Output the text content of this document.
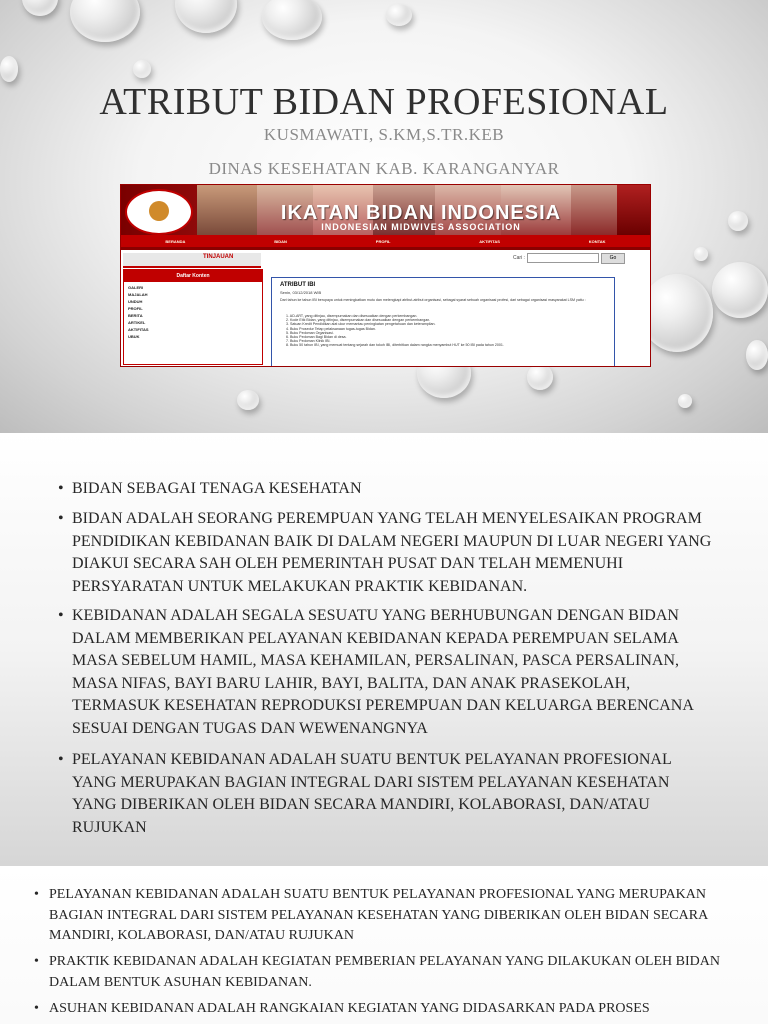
ATRIBUT BIDAN PROFESIONAL
KUSMAWATI, S.KM,S.TR.KEB
DINAS KESEHATAN KAB. KARANGANYAR
IKATAN BIDAN INDONESIA
INDONESIAN MIDWIVES ASSOCIATION
BERANDA	BIDAN	PROFIL	AKTIFITAS	KONTAK
TINJAUAN	Cari :	Go
Daftar Konten
GALERI
MAJALAH
UNDUH
PROFIL
BERITA
ARTIKEL
AKTIFITAS
UBUK
ATRIBUT IBI
Senin, 03/12/2018 WIB
Dari tahun ke tahun IBI berupaya untuk meningkatkan mutu dan melengkapi atribut-atribut organisasi, sebagai syarat sebuah organisasi profesi, dari sebagai organisasi masyarakat LSM yaitu :
1. AD-ART, yang ditinjau, disempurnakan dan disesuaikan dengan perkembangan.
2. Kode Etik Bidan, yang ditinjau, disempurnakan dan disesuaikan dengan perkembangan.
3. Satuan Kredit Pendidikan alat ukur memantau peningkatan pengetahuan dan keterampilan.
4. Buku Prosedur Tetap pelaksanaan tugas-tugas Bidan.
5. Buku Pedoman Organisasi.
6. Buku Pedoman Bagi Bidan di desa.
7. Buku Pedoman Klinik IBI.
8. Buku 50 tahun IBI, yang memuat tentang sejarah dan tokoh IBI, diterbitkan dalam rangka menyambut HUT ke 50 IBI pada tahun 2001.
• BIDAN SEBAGAI TENAGA KESEHATAN
• BIDAN ADALAH SEORANG PEREMPUAN YANG TELAH MENYELESAIKAN PROGRAM PENDIDIKAN KEBIDANAN BAIK DI DALAM NEGERI MAUPUN DI LUAR NEGERI YANG DIAKUI SECARA SAH OLEH PEMERINTAH PUSAT DAN TELAH MEMENUHI PERSYARATAN UNTUK MELAKUKAN PRAKTIK KEBIDANAN.
• KEBIDANAN ADALAH SEGALA SESUATU YANG BERHUBUNGAN DENGAN BIDAN DALAM MEMBERIKAN PELAYANAN KEBIDANAN KEPADA PEREMPUAN SELAMA MASA SEBELUM HAMIL, MASA KEHAMILAN, PERSALINAN, PASCA PERSALINAN, MASA NIFAS, BAYI BARU LAHIR, BAYI, BALITA, DAN ANAK PRASEKOLAH, TERMASUK KESEHATAN REPRODUKSI PEREMPUAN DAN KELUARGA BERENCANA SESUAI DENGAN TUGAS DAN WEWENANGNYA
• PELAYANAN KEBIDANAN ADALAH SUATU BENTUK PELAYANAN PROFESIONAL YANG MERUPAKAN BAGIAN INTEGRAL DARI SISTEM PELAYANAN KESEHATAN YANG DIBERIKAN OLEH BIDAN SECARA MANDIRI, KOLABORASI, DAN/ATAU RUJUKAN
• PELAYANAN KEBIDANAN ADALAH SUATU BENTUK PELAYANAN PROFESIONAL YANG MERUPAKAN BAGIAN INTEGRAL DARI SISTEM PELAYANAN KESEHATAN YANG DIBERIKAN OLEH BIDAN SECARA MANDIRI, KOLABORASI, DAN/ATAU RUJUKAN
• PRAKTIK KEBIDANAN ADALAH KEGIATAN PEMBERIAN PELAYANAN YANG DILAKUKAN OLEH BIDAN DALAM BENTUK ASUHAN KEBIDANAN.
• ASUHAN KEBIDANAN ADALAH RANGKAIAN KEGIATAN YANG DIDASARKAN PADA PROSES
